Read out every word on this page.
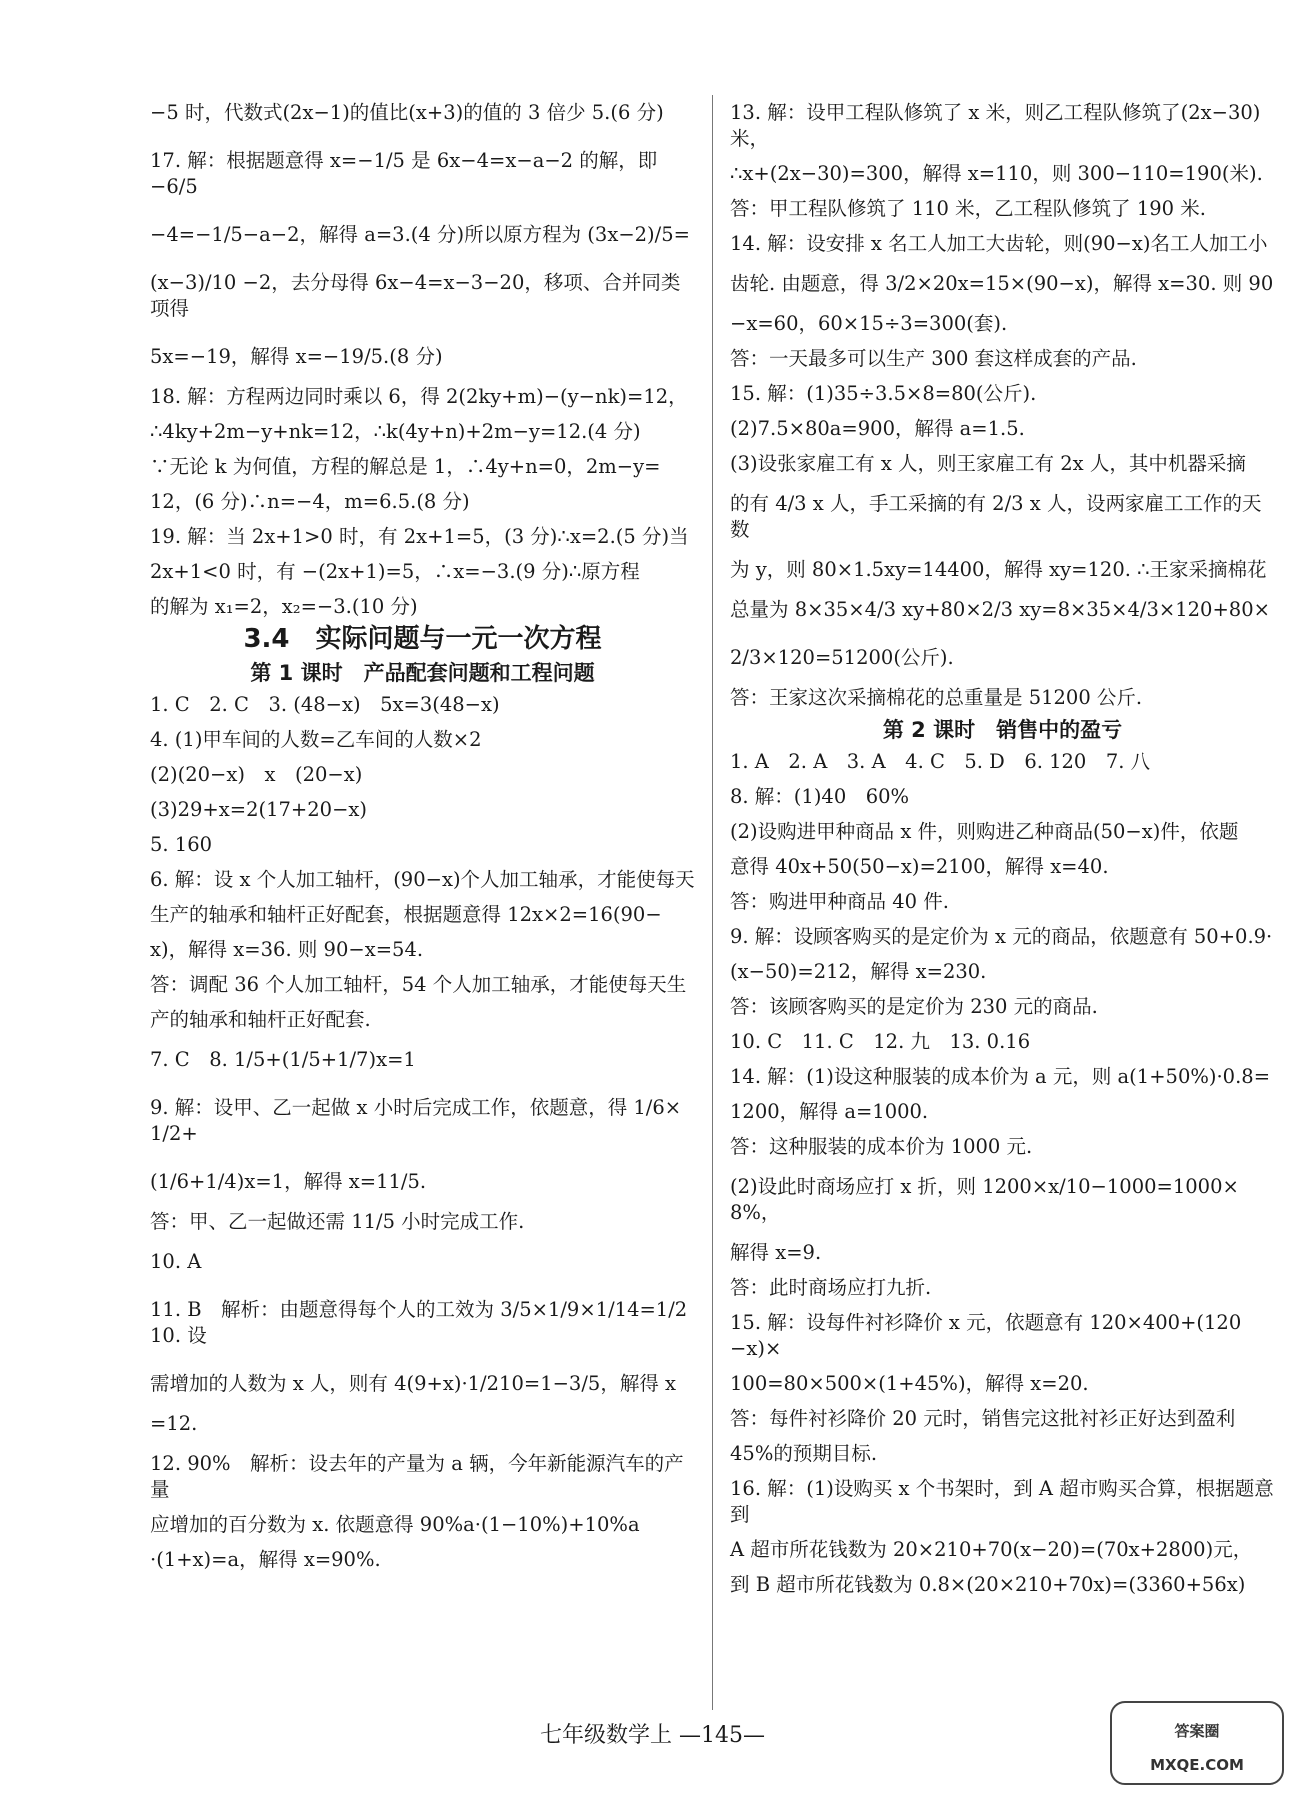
−5 时，代数式(2x−1)的值比(x+3)的值的 3 倍少 5.(6 分)

17. 解：根据题意得 x=−1/5 是 6x−4=x−a−2 的解，即 −6/5

−4=−1/5−a−2，解得 a=3.(4 分)所以原方程为 (3x−2)/5=

(x−3)/10 −2，去分母得 6x−4=x−3−20，移项、合并同类项得

5x=−19，解得 x=−19/5.(8 分)

18. 解：方程两边同时乘以 6，得 2(2ky+m)−(y−nk)=12，

∴4ky+2m−y+nk=12，∴k(4y+n)+2m−y=12.(4 分)

∵无论 k 为何值，方程的解总是 1，∴4y+n=0，2m−y=

12，(6 分)∴n=−4，m=6.5.(8 分)

19. 解：当 2x+1>0 时，有 2x+1=5，(3 分)∴x=2.(5 分)当

2x+1<0 时，有 −(2x+1)=5，∴x=−3.(9 分)∴原方程

的解为 x₁=2，x₂=−3.(10 分)

3.4　实际问题与一元一次方程
第 1 课时　产品配套问题和工程问题

1. C　2. C　3. (48−x)　5x=3(48−x)

4. (1)甲车间的人数=乙车间的人数×2

(2)(20−x)　x　(20−x)

(3)29+x=2(17+20−x)

5. 160

6. 解：设 x 个人加工轴杆，(90−x)个人加工轴承，才能使每天

生产的轴承和轴杆正好配套，根据题意得 12x×2=16(90−

x)，解得 x=36. 则 90−x=54.

答：调配 36 个人加工轴杆，54 个人加工轴承，才能使每天生

产的轴承和轴杆正好配套.

7. C　8. 1/5+(1/5+1/7)x=1

9. 解：设甲、乙一起做 x 小时后完成工作，依题意，得 1/6×1/2+

(1/6+1/4)x=1，解得 x=11/5.

答：甲、乙一起做还需 11/5 小时完成工作.

10. A

11. B　解析：由题意得每个人的工效为 3/5×1/9×1/14=1/210. 设

需增加的人数为 x 人，则有 4(9+x)·1/210=1−3/5，解得 x

=12.

12. 90%　解析：设去年的产量为 a 辆，今年新能源汽车的产量

应增加的百分数为 x. 依题意得 90%a·(1−10%)+10%a

·(1+x)=a，解得 x=90%.

13. 解：设甲工程队修筑了 x 米，则乙工程队修筑了(2x−30)米，

∴x+(2x−30)=300，解得 x=110，则 300−110=190(米).

答：甲工程队修筑了 110 米，乙工程队修筑了 190 米.

14. 解：设安排 x 名工人加工大齿轮，则(90−x)名工人加工小

齿轮. 由题意，得 3/2×20x=15×(90−x)，解得 x=30. 则 90

−x=60，60×15÷3=300(套).

答：一天最多可以生产 300 套这样成套的产品.

15. 解：(1)35÷3.5×8=80(公斤).

(2)7.5×80a=900，解得 a=1.5.

(3)设张家雇工有 x 人，则王家雇工有 2x 人，其中机器采摘

的有 4/3 x 人，手工采摘的有 2/3 x 人，设两家雇工工作的天数

为 y，则 80×1.5xy=14400，解得 xy=120. ∴王家采摘棉花

总量为 8×35×4/3 xy+80×2/3 xy=8×35×4/3×120+80×

2/3×120=51200(公斤).

答：王家这次采摘棉花的总重量是 51200 公斤.

第 2 课时　销售中的盈亏

1. A　2. A　3. A　4. C　5. D　6. 120　7. 八

8. 解：(1)40　60%

(2)设购进甲种商品 x 件，则购进乙种商品(50−x)件，依题

意得 40x+50(50−x)=2100，解得 x=40.

答：购进甲种商品 40 件.

9. 解：设顾客购买的是定价为 x 元的商品，依题意有 50+0.9·

(x−50)=212，解得 x=230.

答：该顾客购买的是定价为 230 元的商品.

10. C　11. C　12. 九　13. 0.16

14. 解：(1)设这种服装的成本价为 a 元，则 a(1+50%)·0.8=

1200，解得 a=1000.

答：这种服装的成本价为 1000 元.

(2)设此时商场应打 x 折，则 1200×x/10−1000=1000×8%，

解得 x=9.

答：此时商场应打九折.

15. 解：设每件衬衫降价 x 元，依题意有 120×400+(120−x)×

100=80×500×(1+45%)，解得 x=20.

答：每件衬衫降价 20 元时，销售完这批衬衫正好达到盈利

45%的预期目标.

16. 解：(1)设购买 x 个书架时，到 A 超市购买合算，根据题意到

A 超市所花钱数为 20×210+70(x−20)=(70x+2800)元，

到 B 超市所花钱数为 0.8×(20×210+70x)=(3360+56x)

七年级数学上 —145—	答案圈
MXQE.COM
